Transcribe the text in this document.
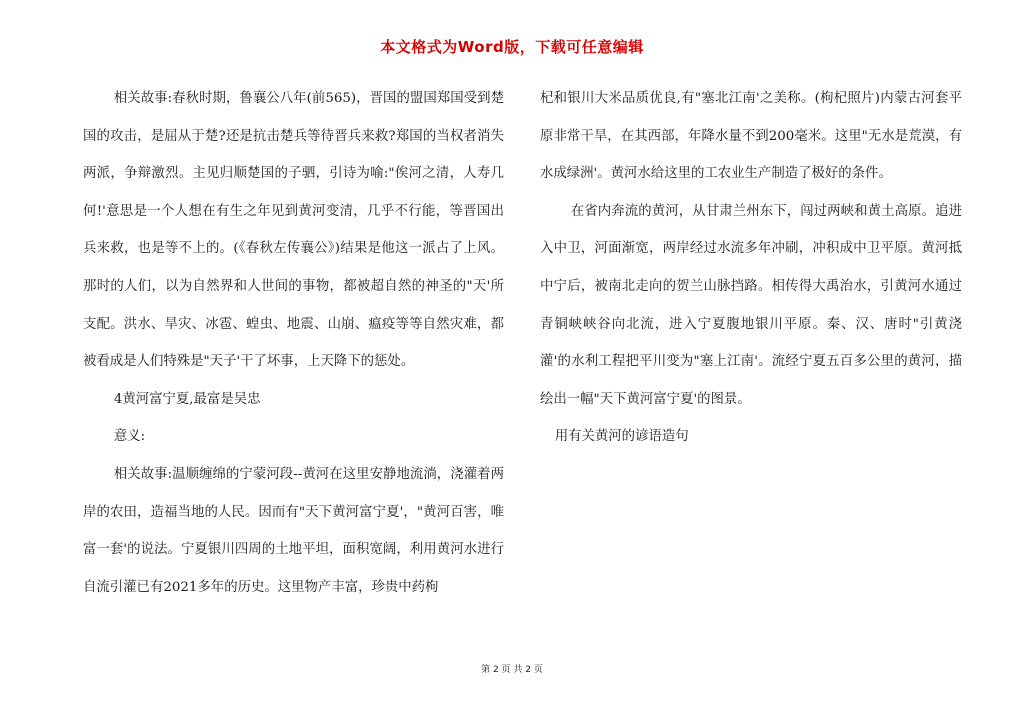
本文格式为Word版，下载可任意编辑

相关故事:春秋时期，鲁襄公八年(前565)，晋国的盟国郑国受到楚国的攻击，是屈从于楚?还是抗击楚兵等待晋兵来救?郑国的当权者消失两派，争辩激烈。主见归顺楚国的子驷，引诗为喻:"俟河之清，人寿几何!'意思是一个人想在有生之年见到黄河变清，几乎不行能，等晋国出兵来救，也是等不上的。(《春秋左传襄公》)结果是他这一派占了上风。那时的人们，以为自然界和人世间的事物，都被超自然的神圣的"天'所支配。洪水、旱灾、冰雹、蝗虫、地震、山崩、瘟疫等等自然灾难，都被看成是人们特殊是"天子'干了坏事，上天降下的惩处。

4黄河富宁夏,最富是吴忠

意义:

相关故事:温顺缠绵的宁蒙河段--黄河在这里安静地流淌，浇灌着两岸的农田，造福当地的人民。因而有"天下黄河富宁夏'，"黄河百害，唯富一套'的说法。宁夏银川四周的土地平坦，面积宽阔，利用黄河水进行自流引灌已有2021多年的历史。这里物产丰富，珍贵中药枸

杞和银川大米品质优良,有"塞北江南'之美称。(枸杞照片)内蒙古河套平原非常干旱，在其西部，年降水量不到200毫米。这里"无水是荒漠，有水成绿洲'。黄河水给这里的工农业生产制造了极好的条件。

在省内奔流的黄河，从甘肃兰州东下，闯过两峡和黄土高原。追进入中卫，河面渐宽，两岸经过水流多年冲刷，冲积成中卫平原。黄河抵中宁后，被南北走向的贺兰山脉挡路。相传得大禹治水，引黄河水通过青铜峡峡谷向北流，进入宁夏腹地银川平原。秦、汉、唐时"引黄浇灌'的水利工程把平川变为"塞上江南'。流经宁夏五百多公里的黄河，描绘出一幅"天下黄河富宁夏'的图景。

用有关黄河的谚语造句

第 2 页 共 2 页
